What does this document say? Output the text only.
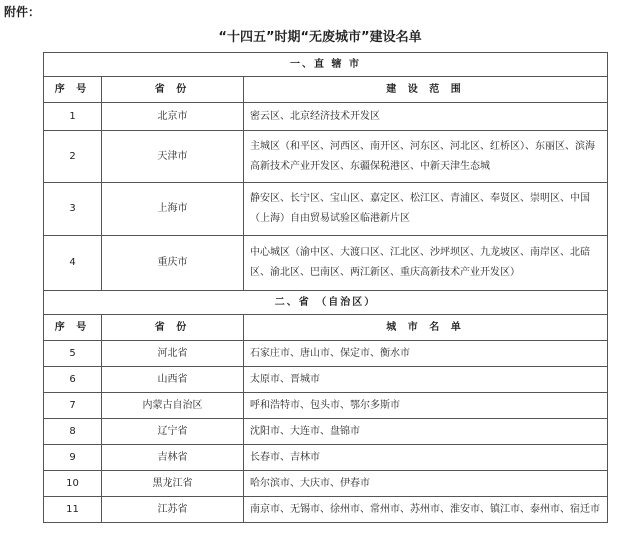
附件：
“十四五”时期“无废城市”建设名单
一、直 辖 市		
序 号	省 份	建 设 范 围
1	北京市	密云区、北京经济技术开发区
2	天津市	主城区（和平区、河西区、南开区、河东区、河北区、红桥区）、东丽区、滨海高新技术产业开发区、东疆保税港区、中新天津生态城
3	上海市	静安区、长宁区、宝山区、嘉定区、松江区、青浦区、奉贤区、崇明区、中国（上海）自由贸易试验区临港新片区
4	重庆市	中心城区（渝中区、大渡口区、江北区、沙坪坝区、九龙坡区、南岸区、北碚区、渝北区、巴南区、两江新区、重庆高新技术产业开发区）
二、省 （自治区）		
序 号	省 份	城 市 名 单
5	河北省	石家庄市、唐山市、保定市、衡水市
6	山西省	太原市、晋城市
7	内蒙古自治区	呼和浩特市、包头市、鄂尔多斯市
8	辽宁省	沈阳市、大连市、盘锦市
9	吉林省	长春市、吉林市
10	黑龙江省	哈尔滨市、大庆市、伊春市
11	江苏省	南京市、无锡市、徐州市、常州市、苏州市、淮安市、镇江市、泰州市、宿迁市
